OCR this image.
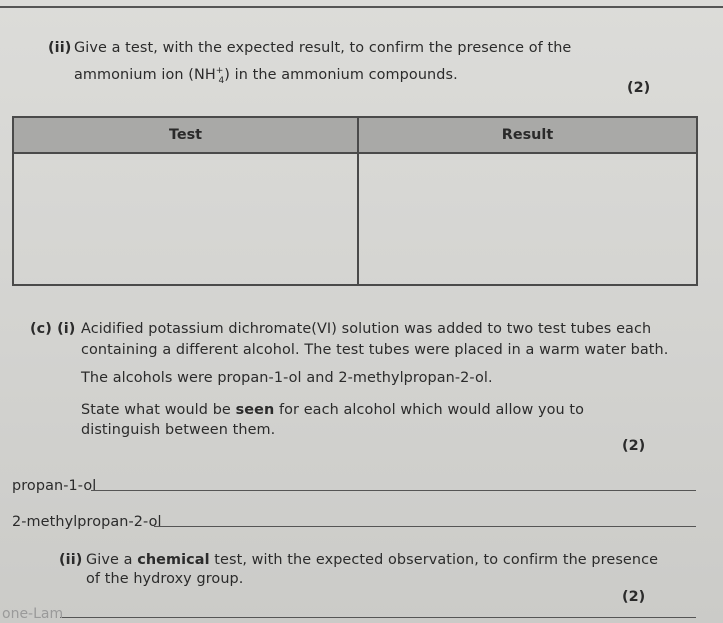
(ii) Give a test, with the expected result, to confirm the presence of the
ammonium ion $(NH^+_4)$ in the ammonium compounds.
(2)
Test	Result

(c) (i) Acidified potassium dichromate(VI) solution was added to two test tubes each
containing a different alcohol. The test tubes were placed in a warm water bath.
The alcohols were propan-1-ol and 2-methylpropan-2-ol.
State what would be seen for each alcohol which would allow you to
distinguish between them.
(2)
propan-1-ol
2-methylpropan-2-ol
(ii) Give a chemical test, with the expected observation, to confirm the presence
of the hydroxy group.
(2)
one-Lam
